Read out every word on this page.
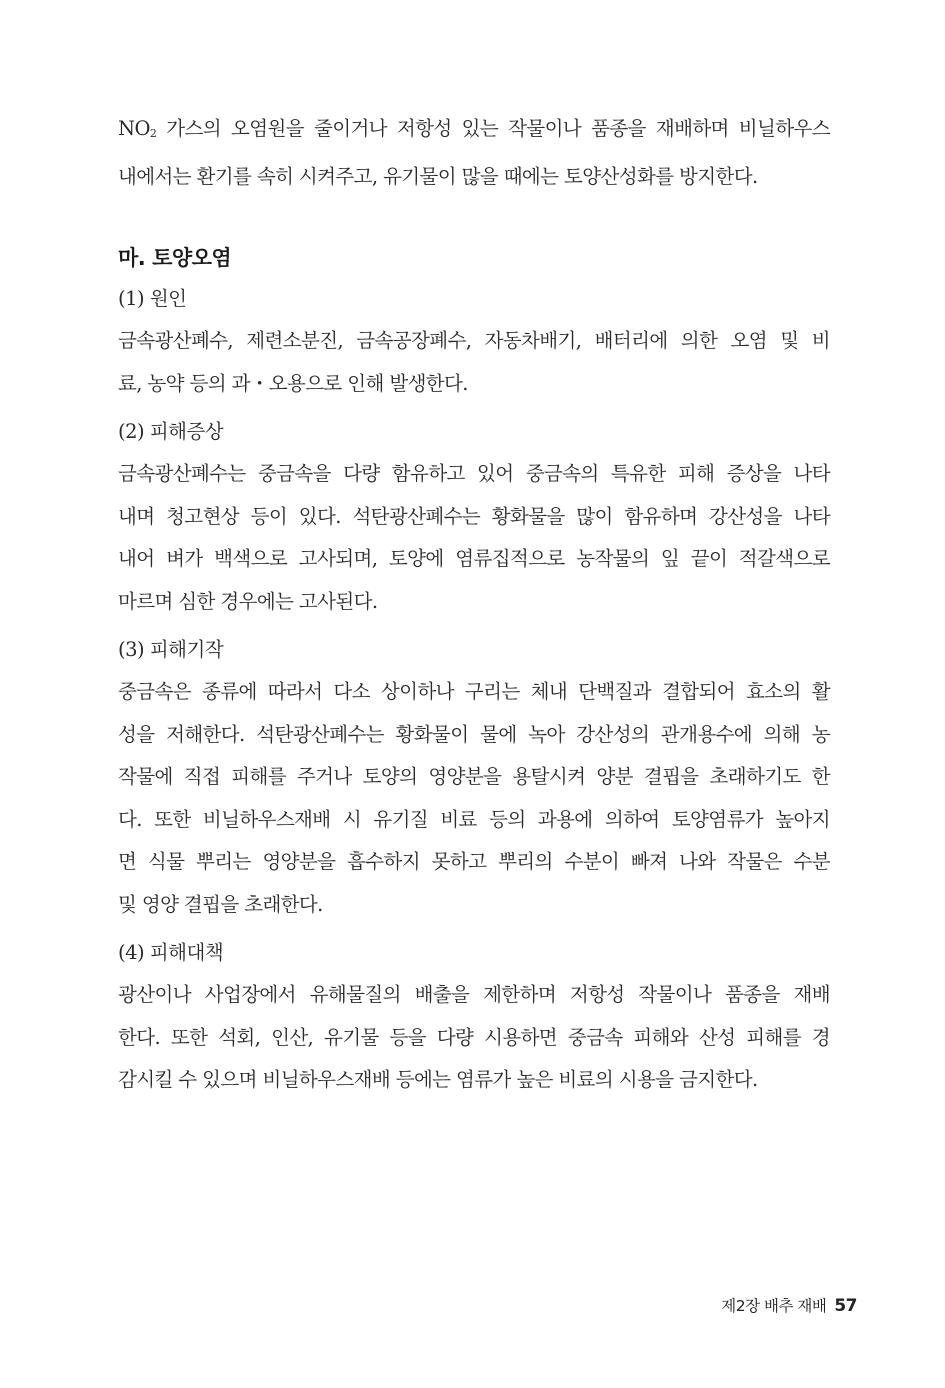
$NO_2$ 가스의 오염원을 줄이거나 저항성 있는 작물이나 품종을 재배하며 비닐하우스
내에서는 환기를 속히 시켜주고, 유기물이 많을 때에는 토양산성화를 방지한다.

마. 토양오염
(1) 원인

금속광산폐수, 제련소분진, 금속공장폐수, 자동차배기, 배터리에 의한 오염 및 비
료, 농약 등의 과・오용으로 인해 발생한다.

(2) 피해증상

금속광산폐수는 중금속을 다량 함유하고 있어 중금속의 특유한 피해 증상을 나타
내며 청고현상 등이 있다. 석탄광산폐수는 황화물을 많이 함유하며 강산성을 나타
내어 벼가 백색으로 고사되며, 토양에 염류집적으로 농작물의 잎 끝이 적갈색으로
마르며 심한 경우에는 고사된다.

(3) 피해기작

중금속은 종류에 따라서 다소 상이하나 구리는 체내 단백질과 결합되어 효소의 활
성을 저해한다. 석탄광산폐수는 황화물이 물에 녹아 강산성의 관개용수에 의해 농
작물에 직접 피해를 주거나 토양의 영양분을 용탈시켜 양분 결핍을 초래하기도 한
다. 또한 비닐하우스재배 시 유기질 비료 등의 과용에 의하여 토양염류가 높아지
면 식물 뿌리는 영양분을 흡수하지 못하고 뿌리의 수분이 빠져 나와 작물은 수분
및 영양 결핍을 초래한다.

(4) 피해대책

광산이나 사업장에서 유해물질의 배출을 제한하며 저항성 작물이나 품종을 재배
한다. 또한 석회, 인산, 유기물 등을 다량 시용하면 중금속 피해와 산성 피해를 경
감시킬 수 있으며 비닐하우스재배 등에는 염류가 높은 비료의 시용을 금지한다.

제2장 배추 재배 57
